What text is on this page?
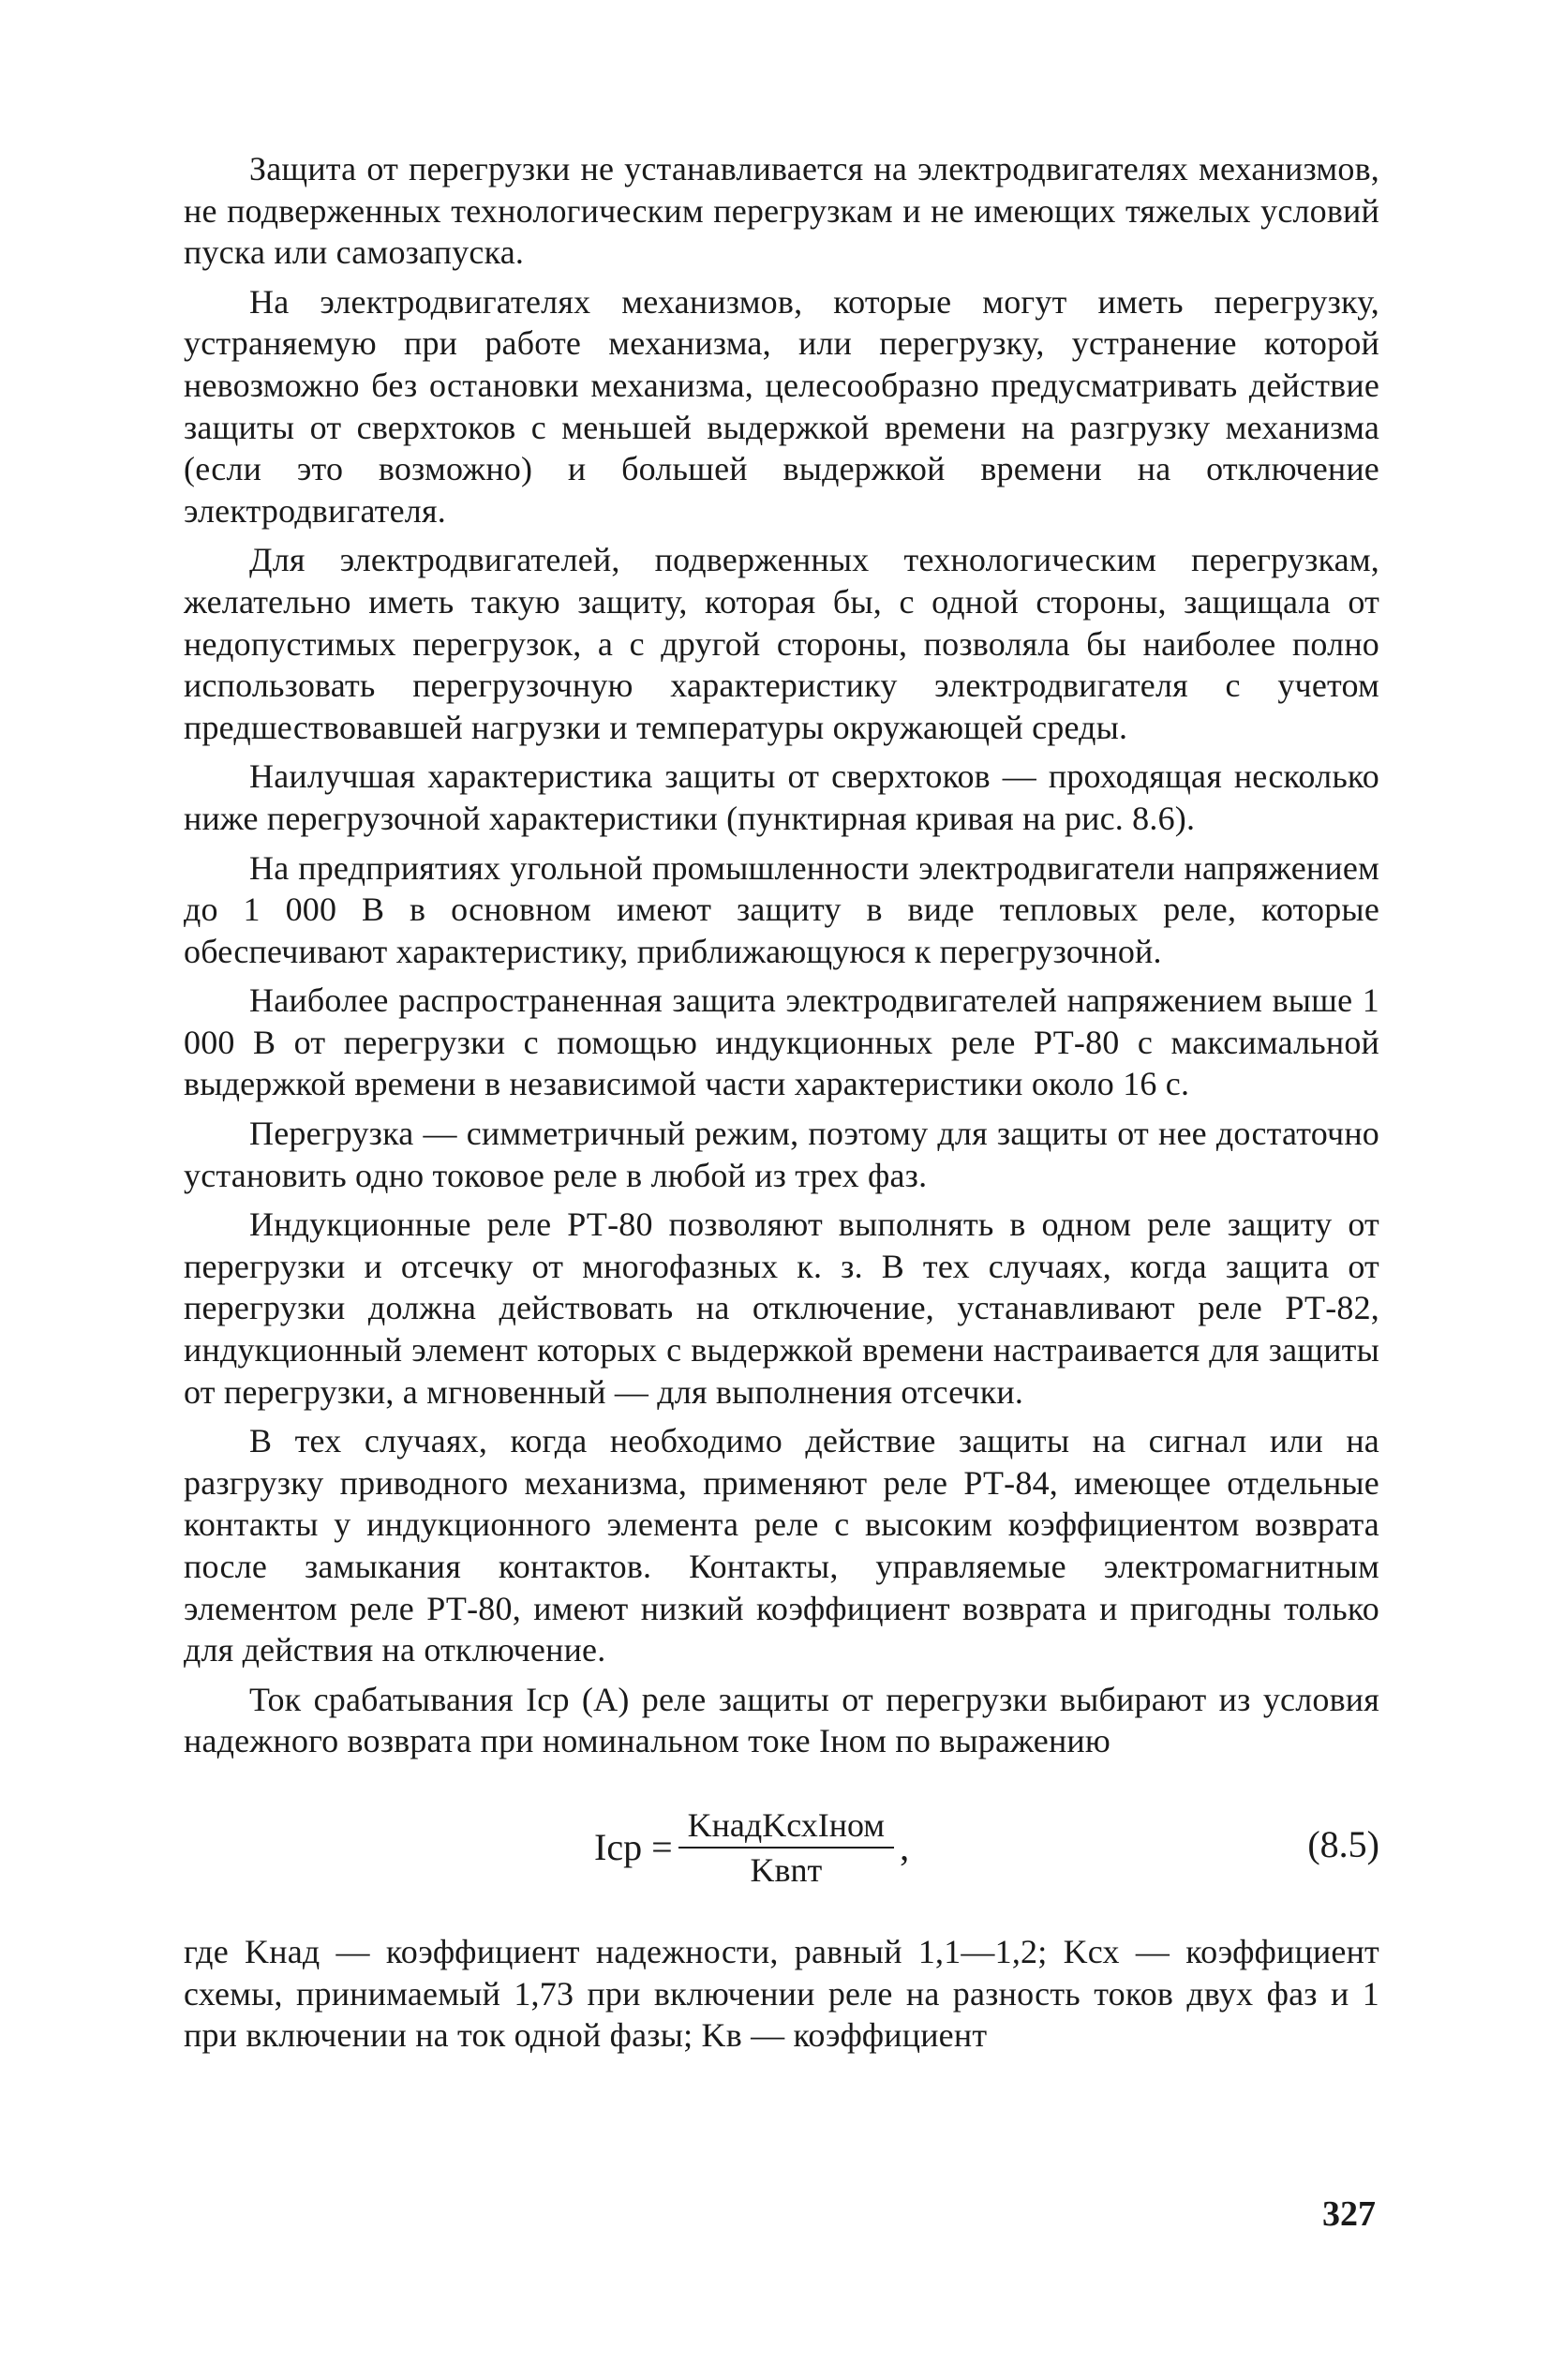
Защита от перегрузки не устанавливается на электродвигателях механизмов, не подверженных технологическим перегрузкам и не имеющих тяжелых условий пуска или самозапуска.

На электродвигателях механизмов, которые могут иметь перегрузку, устраняемую при работе механизма, или перегрузку, устранение которой невозможно без остановки механизма, целесообразно предусматривать действие защиты от сверхтоков с меньшей выдержкой времени на разгрузку механизма (если это возможно) и большей выдержкой времени на отключение электродвигателя.

Для электродвигателей, подверженных технологическим перегрузкам, желательно иметь такую защиту, которая бы, с одной стороны, защищала от недопустимых перегрузок, а с другой стороны, позволяла бы наиболее полно использовать перегрузочную характеристику электродвигателя с учетом предшествовавшей нагрузки и температуры окружающей среды.

Наилучшая характеристика защиты от сверхтоков — проходящая несколько ниже перегрузочной характеристики (пунктирная кривая на рис. 8.6).

На предприятиях угольной промышленности электродвигатели напряжением до 1 000 В в основном имеют защиту в виде тепловых реле, которые обеспечивают характеристику, приближающуюся к перегрузочной.

Наиболее распространенная защита электродвигателей напряжением выше 1 000 В от перегрузки с помощью индукционных реле РТ-80 с максимальной выдержкой времени в независимой части характеристики около 16 с.

Перегрузка — симметричный режим, поэтому для защиты от нее достаточно установить одно токовое реле в любой из трех фаз.

Индукционные реле РТ-80 позволяют выполнять в одном реле защиту от перегрузки и отсечку от многофазных к. з. В тех случаях, когда защита от перегрузки должна действовать на отключение, устанавливают реле РТ-82, индукционный элемент которых с выдержкой времени настраивается для защиты от перегрузки, а мгновенный — для выполнения отсечки.

В тех случаях, когда необходимо действие защиты на сигнал или на разгрузку приводного механизма, применяют реле РТ-84, имеющее отдельные контакты у индукционного элемента реле с высоким коэффициентом возврата после замыкания контактов. Контакты, управляемые электромагнитным элементом реле РТ-80, имеют низкий коэффициент возврата и пригодны только для действия на отключение.

Ток срабатывания Iср (А) реле защиты от перегрузки выбирают из условия надежного возврата при номинальном токе Iном по выражению

Iср = $\frac{\text{KнадKсхIном}}{\text{Kвnт}}$ ,	(8.5)

где Kнад — коэффициент надежности, равный 1,1—1,2; Kсх — коэффициент схемы, принимаемый 1,73 при включении реле на разность токов двух фаз и 1 при включении на ток одной фазы; Kв — коэффициент

327
